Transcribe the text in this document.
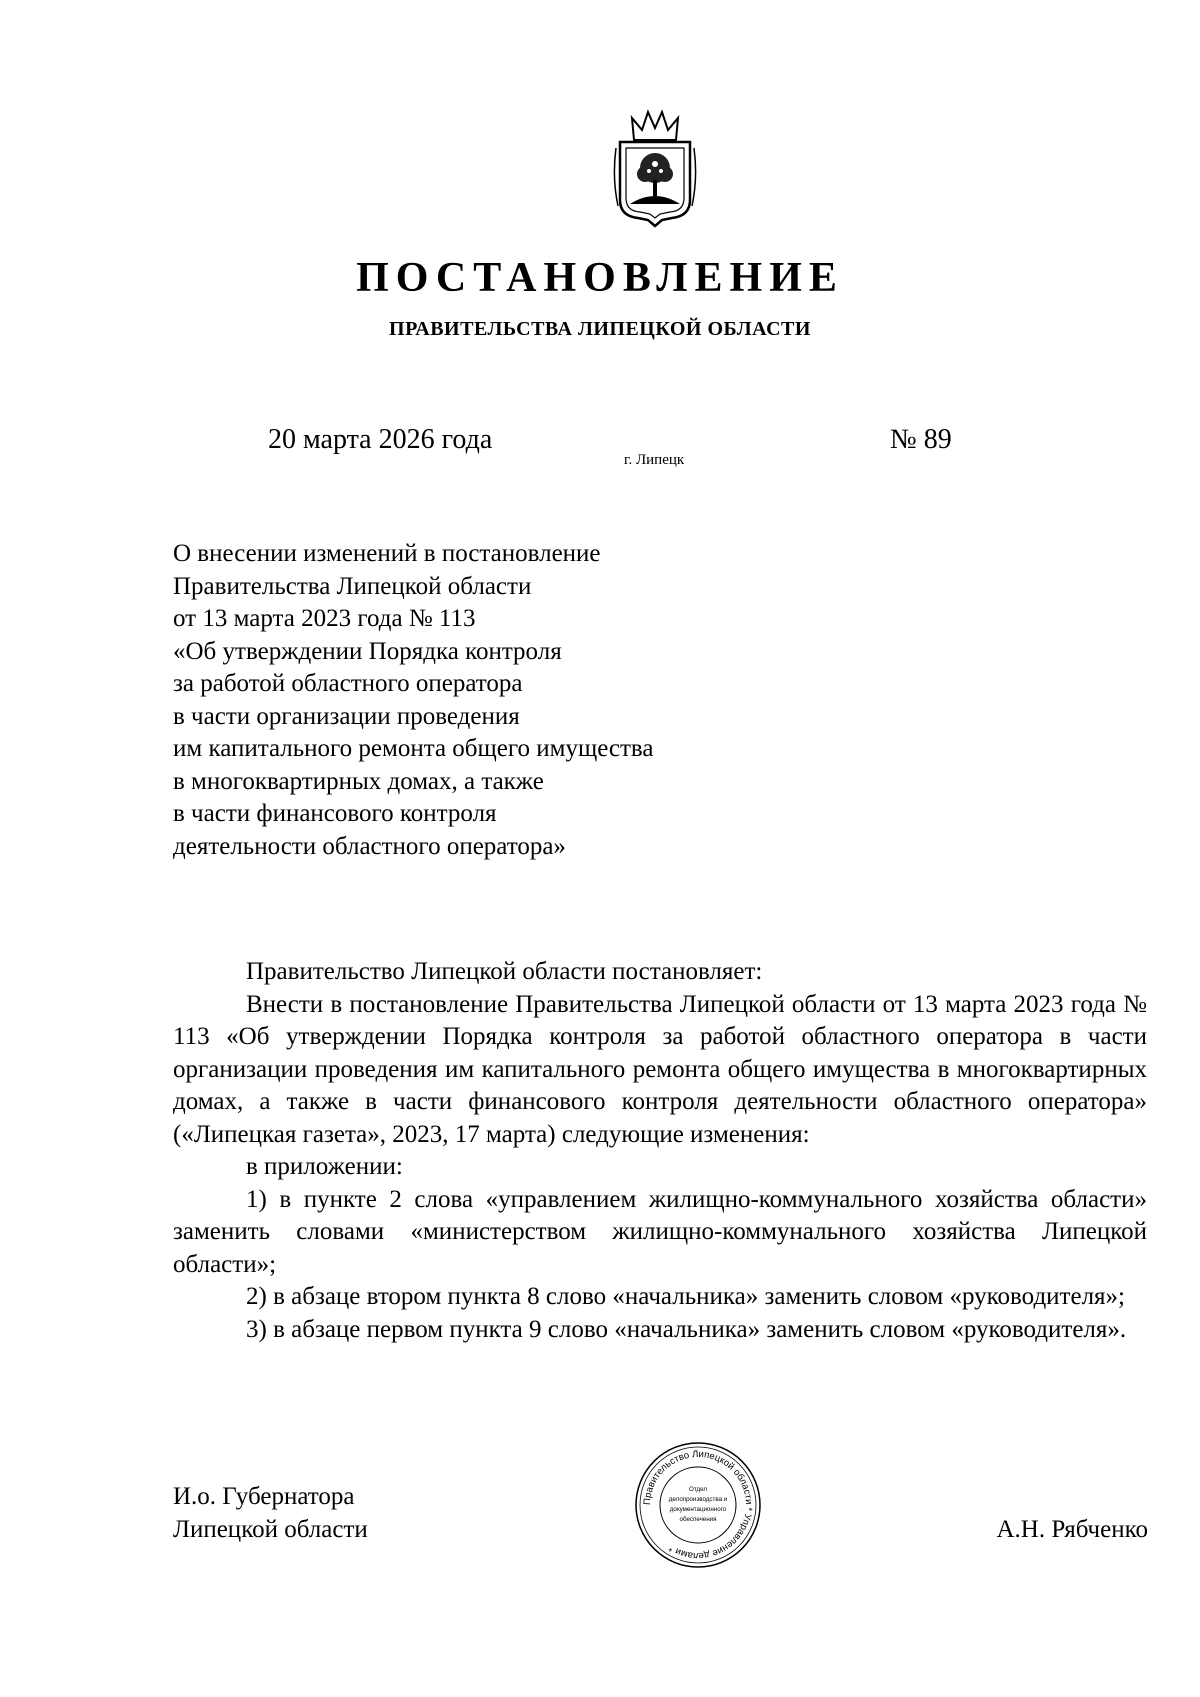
ПОСТАНОВЛЕНИЕ
ПРАВИТЕЛЬСТВА ЛИПЕЦКОЙ ОБЛАСТИ
20 марта 2026 года
г. Липецк
№ 89
О внесении изменений в постановление
Правительства Липецкой области
от 13 марта 2023 года № 113
«Об утверждении Порядка контроля
за работой областного оператора
в части организации проведения
им капитального ремонта общего имущества
в многоквартирных домах, а также
в части финансового контроля
деятельности областного оператора»

Правительство Липецкой области постановляет:

Внести в постановление Правительства Липецкой области от 13 марта 2023 года № 113 «Об утверждении Порядка контроля за работой областного оператора в части организации проведения им капитального ремонта общего имущества в многоквартирных домах, а также в части финансового контроля деятельности областного оператора» («Липецкая газета», 2023, 17 марта) следующие изменения:

в приложении:

1) в пункте 2 слова «управлением жилищно-коммунального хозяйства области» заменить словами «министерством жилищно-коммунального хозяйства Липецкой области»;

2) в абзаце втором пункта 8 слово «начальника» заменить словом «руководителя»;

3) в абзаце первом пункта 9 слово «начальника» заменить словом «руководителя».

И.о. Губернатора
Липецкой области	А.Н. Рябченко
Правительство Липецкой области * Управление делами *
Отдел
делопроизводства и
документационного
обеспечения
